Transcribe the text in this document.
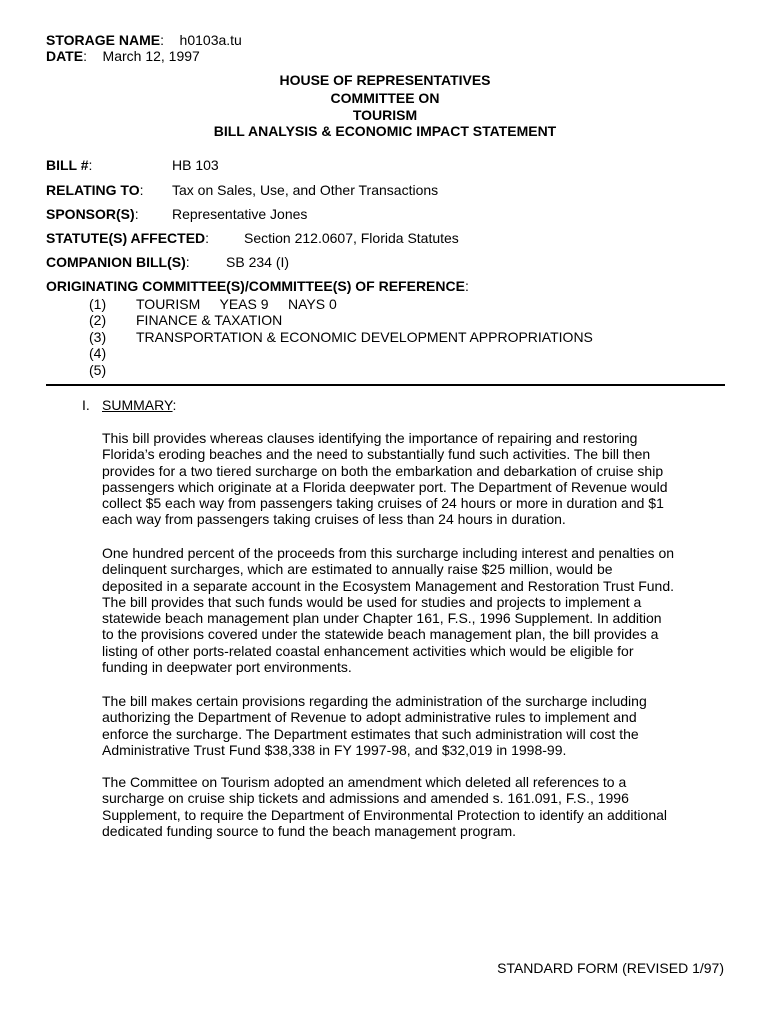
STORAGE NAME:    h0103a.tu
DATE:    March 12, 1997
HOUSE OF REPRESENTATIVES
COMMITTEE ON
TOURISM
BILL ANALYSIS & ECONOMIC IMPACT STATEMENT
BILL #:	HB 103
RELATING TO: Tax on Sales, Use, and Other Transactions
SPONSOR(S): Representative Jones
STATUTE(S) AFFECTED: Section 212.0607, Florida Statutes
COMPANION BILL(S):	SB 234 (I)
ORIGINATING COMMITTEE(S)/COMMITTEE(S) OF REFERENCE:
(1) TOURISM     YEAS 9     NAYS 0
(2) FINANCE & TAXATION
(3) TRANSPORTATION & ECONOMIC DEVELOPMENT APPROPRIATIONS
(4)
(5)
I. SUMMARY:
This bill provides whereas clauses identifying the importance of repairing and restoring
Florida’s eroding beaches and the need to substantially fund such activities. The bill then
provides for a two tiered surcharge on both the embarkation and debarkation of cruise ship
passengers which originate at a Florida deepwater port. The Department of Revenue would
collect $5 each way from passengers taking cruises of 24 hours or more in duration and $1
each way from passengers taking cruises of less than 24 hours in duration.
One hundred percent of the proceeds from this surcharge including interest and penalties on
delinquent surcharges, which are estimated to annually raise $25 million, would be
deposited in a separate account in the Ecosystem Management and Restoration Trust Fund.
The bill provides that such funds would be used for studies and projects to implement a
statewide beach management plan under Chapter 161, F.S., 1996 Supplement. In addition
to the provisions covered under the statewide beach management plan, the bill provides a
listing of other ports-related coastal enhancement activities which would be eligible for
funding in deepwater port environments.
The bill makes certain provisions regarding the administration of the surcharge including
authorizing the Department of Revenue to adopt administrative rules to implement and
enforce the surcharge. The Department estimates that such administration will cost the
Administrative Trust Fund $38,338 in FY 1997-98, and $32,019 in 1998-99.
The Committee on Tourism adopted an amendment which deleted all references to a
surcharge on cruise ship tickets and admissions and amended s. 161.091, F.S., 1996
Supplement, to require the Department of Environmental Protection to identify an additional
dedicated funding source to fund the beach management program.
STANDARD FORM (REVISED 1/97)
